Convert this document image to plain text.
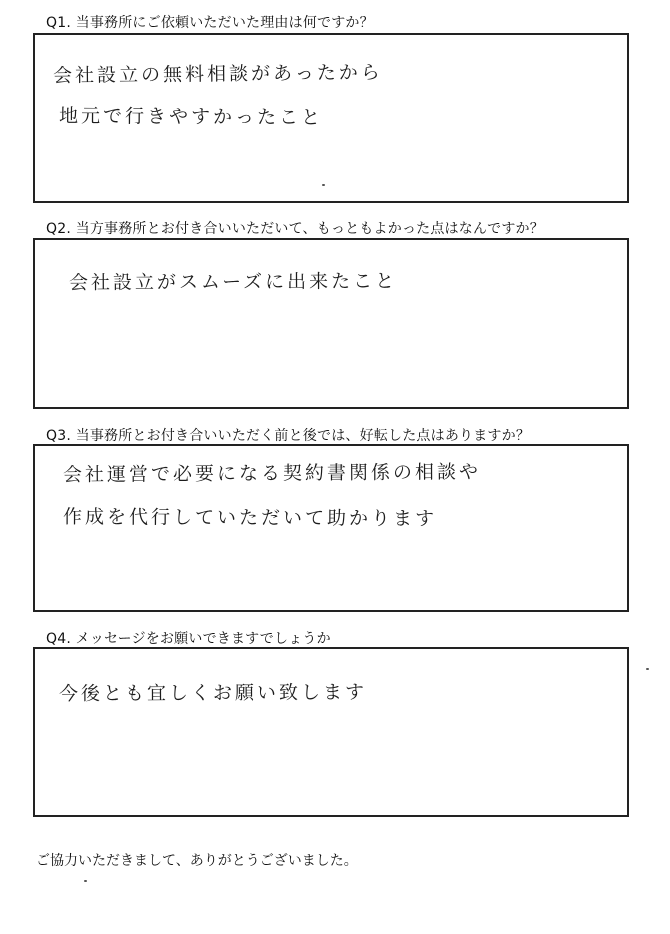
Q1. 当事務所にご依頼いただいた理由は何ですか？
会社設立の無料相談があったから
地元で行きやすかったこと
Q2. 当方事務所とお付き合いいただいて、もっともよかった点はなんですか？
会社設立がスムーズに出来たこと
Q3. 当事務所とお付き合いいただく前と後では、好転した点はありますか？
会社運営で必要になる契約書関係の相談や
作成を代行していただいて助かります
Q4. メッセージをお願いできますでしょうか
今後とも宜しくお願い致します
ご協力いただきまして、ありがとうございました。
